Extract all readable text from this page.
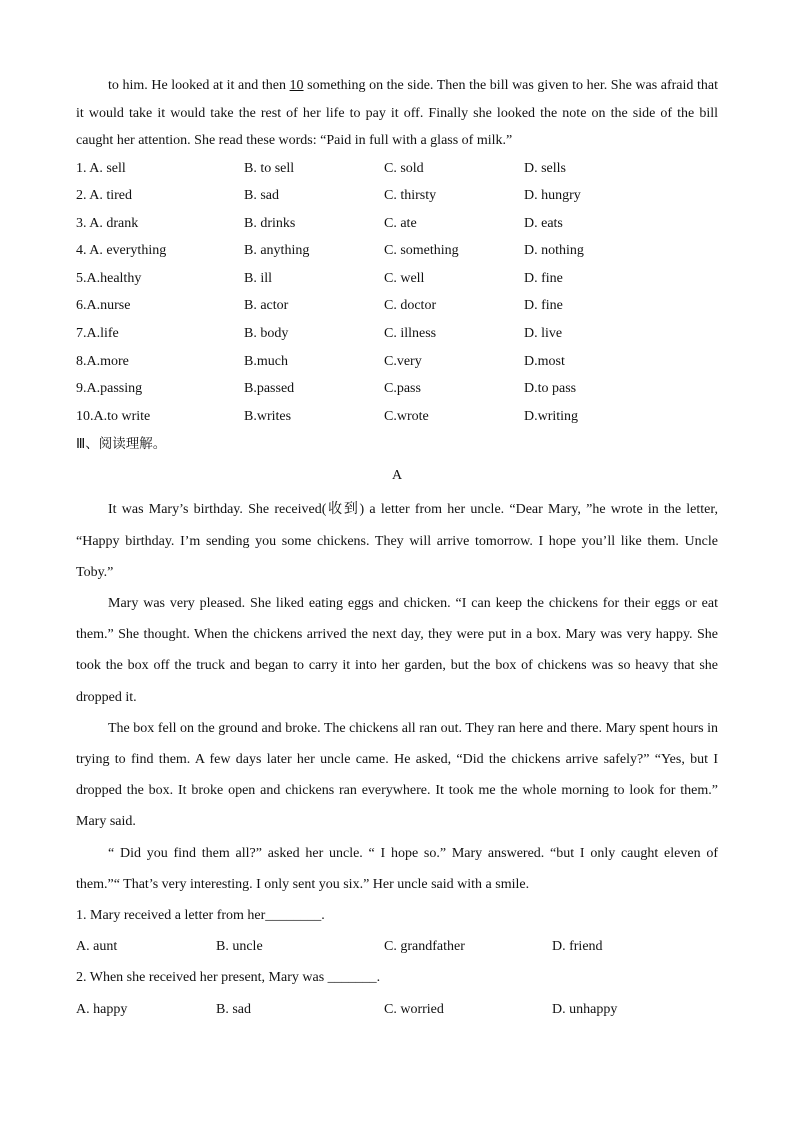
to him. He looked at it and then 10 something on the side. Then the bill was given to her. She was afraid that it would take it would take the rest of her life to pay it off. Finally she looked the note on the side of the bill caught her attention. She read these words: “Paid in full with a glass of milk.”

1. A. sell	B. to sell	C. sold	D. sells
2. A. tired	B. sad	C. thirsty	D. hungry
3. A. drank	B. drinks	C. ate	D. eats
4. A. everything	B. anything	C. something	D. nothing
5.A.healthy	B. ill	C. well	D. fine
6.A.nurse	B. actor	C. doctor	D. fine
7.A.life	B. body	C. illness	D. live
8.A.more	B.much	C.very	D.most
9.A.passing	B.passed	C.pass	D.to pass
10.A.to write	B.writes	C.wrote	D.writing
Ⅲ、阅读理解。
A

It was Mary’s birthday. She received(收到) a letter from her uncle. “Dear Mary, ”he wrote in the letter, “Happy birthday. I’m sending you some chickens. They will arrive tomorrow. I hope you’ll like them. Uncle Toby.”

Mary was very pleased. She liked eating eggs and chicken. “I can keep the chickens for their eggs or eat them.” She thought. When the chickens arrived the next day, they were put in a box. Mary was very happy. She took the box off the truck and began to carry it into her garden, but the box of chickens was so heavy that she dropped it.

The box fell on the ground and broke. The chickens all ran out. They ran here and there. Mary spent hours in trying to find them. A few days later her uncle came. He asked, “Did the chickens arrive safely?” “Yes, but I dropped the box. It broke open and chickens ran everywhere. It took me the whole morning to look for them.” Mary said.

“ Did you find them all?” asked her uncle. “ I hope so.” Mary answered. “but I only caught eleven of them.”“ That’s very interesting. I only sent you six.” Her uncle said with a smile.

1. Mary received a letter from her________.
A. aunt	B. uncle	C. grandfather	D. friend
2. When she received her present, Mary was _______.
A. happy	B. sad	C. worried	D. unhappy
